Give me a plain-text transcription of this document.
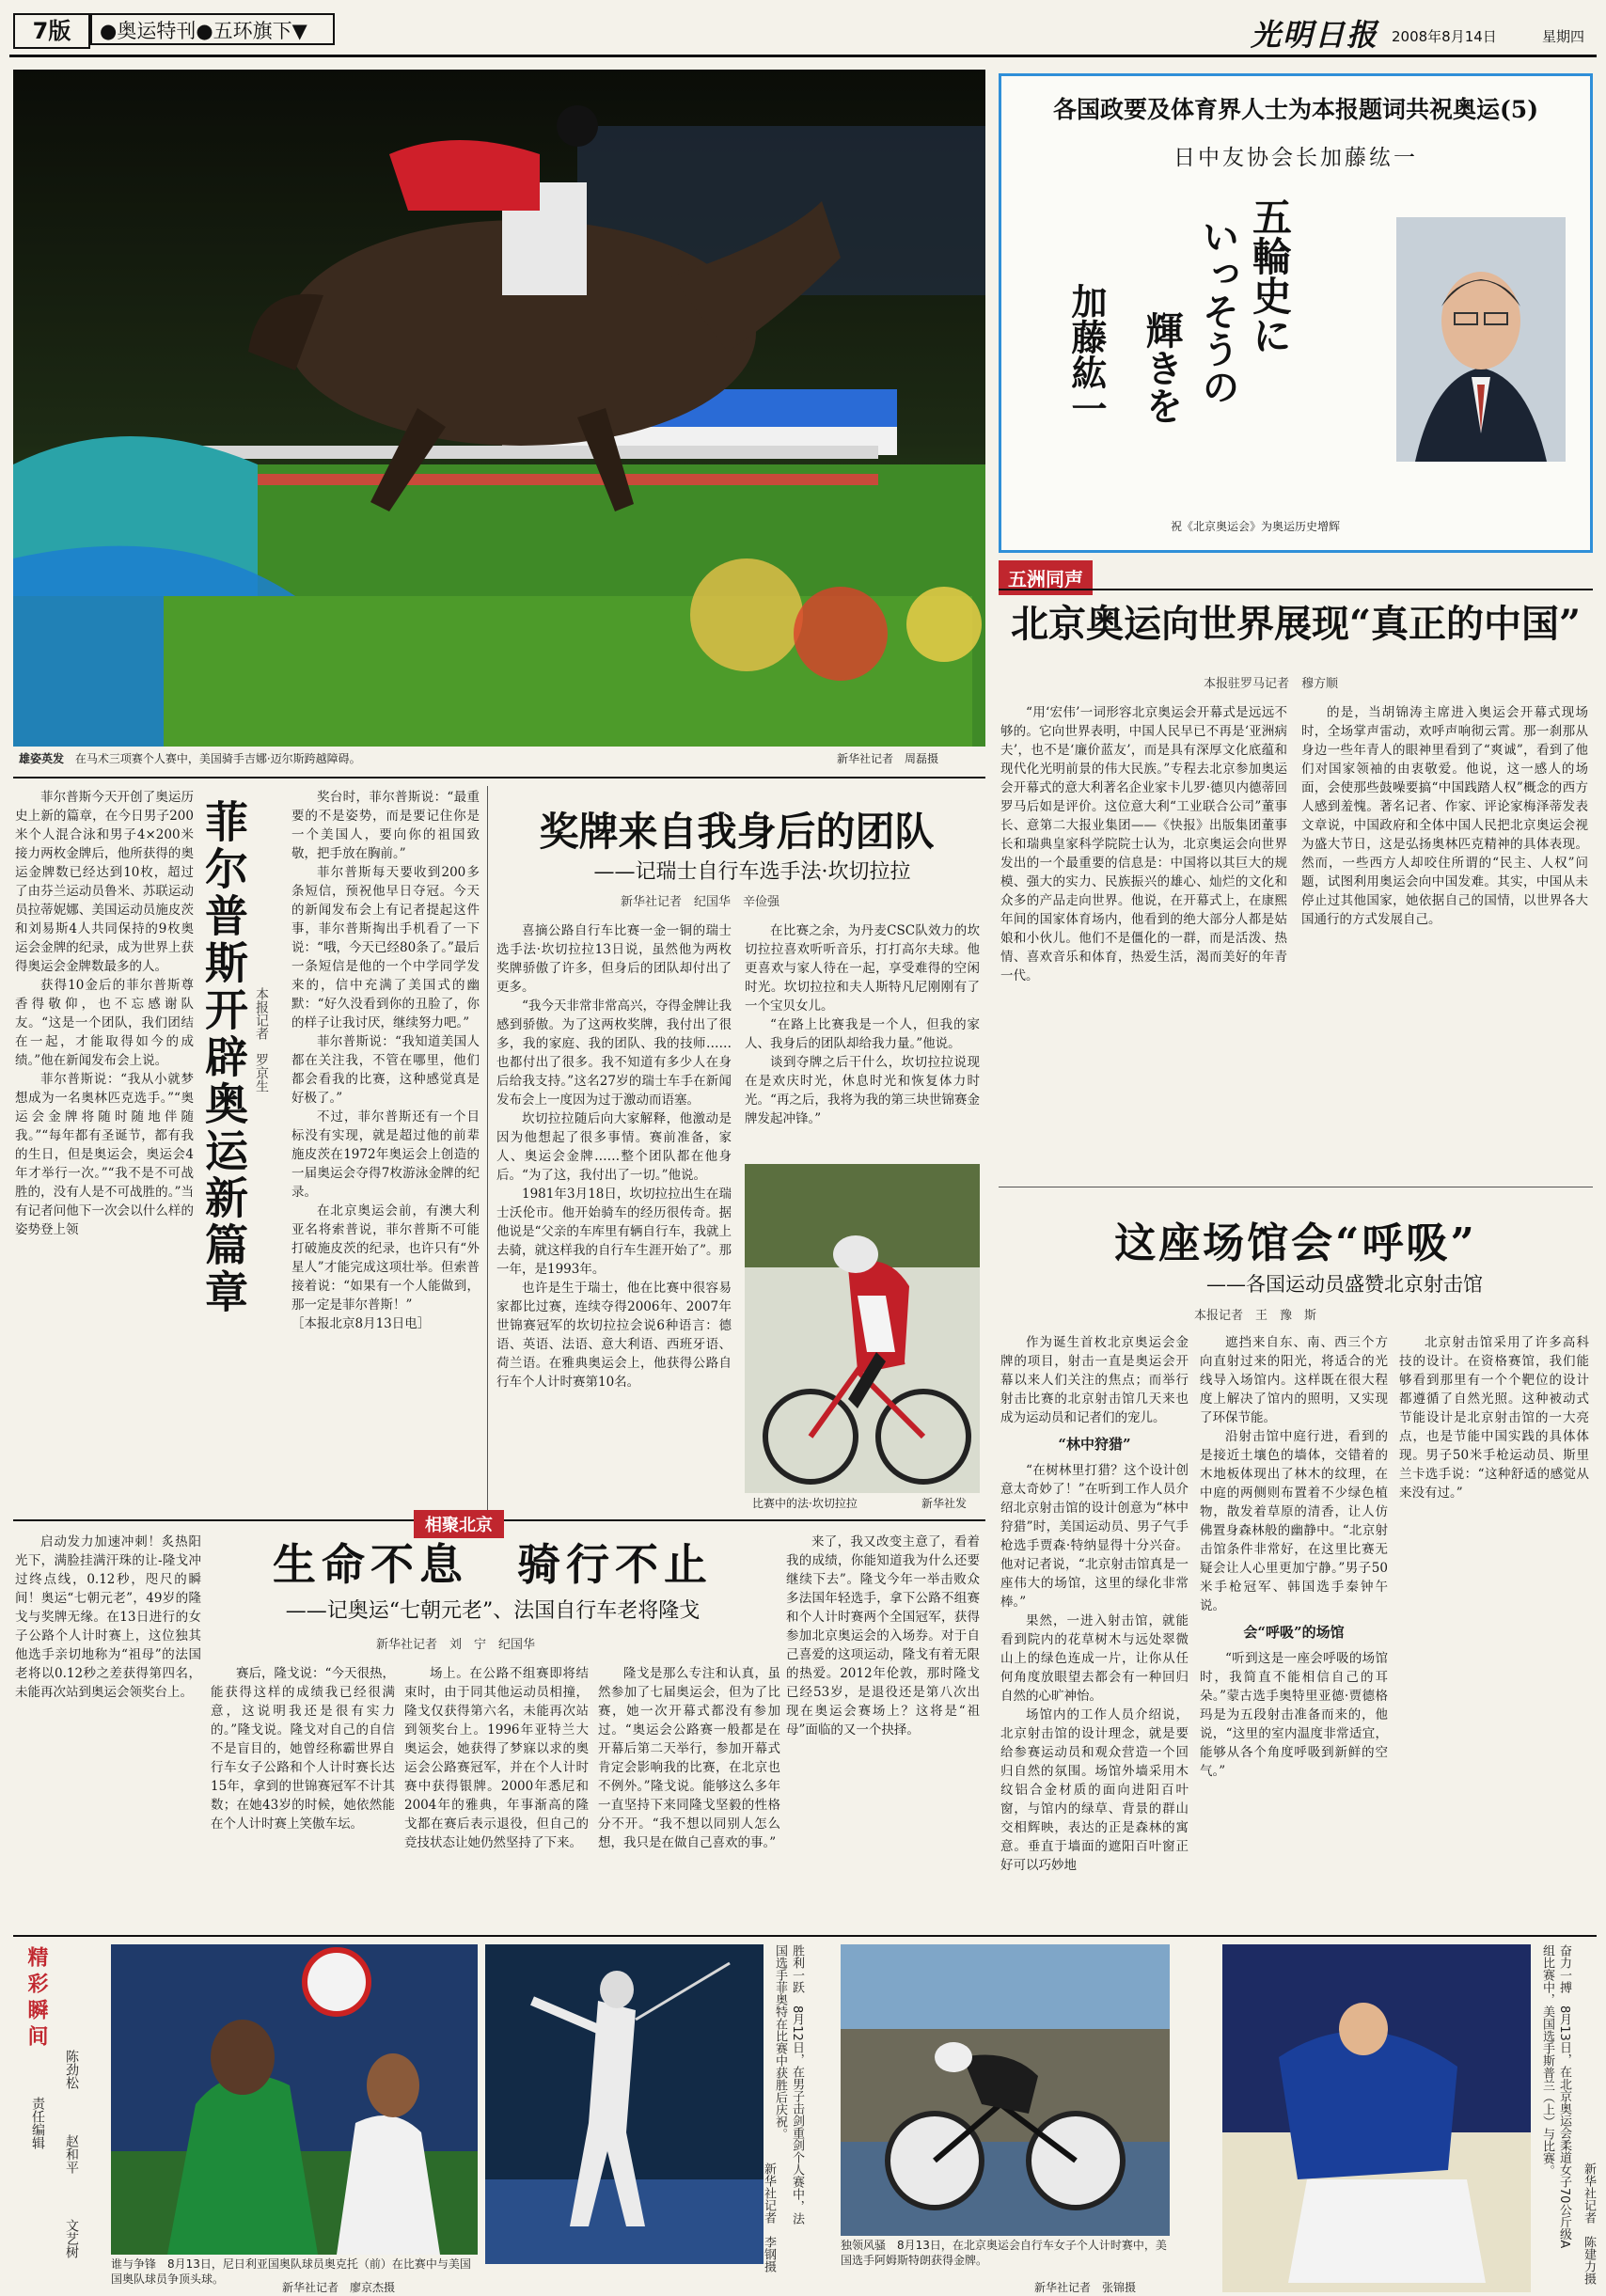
7版	●奥运特刊●五环旗下▼	光明日报 2008年8月14日	星期四
雄姿英发 在马术三项赛个人赛中，美国骑手吉娜·迈尔斯跨越障碍。	新华社记者　周磊摄
各国政要及体育界人士为本报题词共祝奥运(5)
日中友协会长加藤纮一
五輪史に
いっそうの
輝きを
加藤紘一
祝《北京奥运会》为奥运历史增辉
五洲同声
北京奥运向世界展现“真正的中国”
本报驻罗马记者　穆方顺

“用‘宏伟’一词形容北京奥运会开幕式是远远不够的。它向世界表明，中国人民早已不再是‘亚洲病夫’，也不是‘廉价蓝友’，而是具有深厚文化底蕴和现代化光明前景的伟大民族。”专程去北京参加奥运会开幕式的意大利著名企业家卡儿罗·德贝内德蒂回罗马后如是评价。这位意大利“工业联合公司”董事长、意第二大报业集团——《快报》出版集团董事长和瑞典皇家科学院院士认为，北京奥运会向世界发出的一个最重要的信息是：中国将以其巨大的规模、强大的实力、民族振兴的雄心、灿烂的文化和众多的产品走向世界。他说，在开幕式上，在康熙年间的国家体育场内，他看到的绝大部分人都是姑娘和小伙儿。他们不是僵化的一群，而是活泼、热情、喜欢音乐和体育，热爱生活，渴而美好的年青一代。

的是，当胡锦涛主席进入奥运会开幕式现场时，全场掌声雷动，欢呼声响彻云霄。那一刹那从身边一些年青人的眼神里看到了“爽诚”，看到了他们对国家领袖的由衷敬爱。他说，这一感人的场面，会使那些鼓噪要搞“中国践踏人权”概念的西方人感到羞愧。著名记者、作家、评论家梅泽蒂发表文章说，中国政府和全体中国人民把北京奥运会视为盛大节日，这是弘扬奥林匹克精神的具体表现。然而，一些西方人却咬住所谓的“民主、人权”问题，试图利用奥运会向中国发难。其实，中国从未停止过其他国家，她依据自己的国情，以世界各大国通行的方式发展自己。

菲尔普斯今天开创了奥运历史上新的篇章，在今日男子200米个人混合泳和男子4×200米接力两枚金牌后，他所获得的奥运金牌数已经达到10枚，超过了由芬兰运动员鲁米、苏联运动员拉蒂妮娜、美国运动员施皮茨和刘易斯4人共同保持的9枚奥运会金牌的纪录，成为世界上获得奥运会金牌数最多的人。

获得10金后的菲尔普斯尊香得敬仰，也不忘感谢队友。“这是一个团队，我们团结在一起，才能取得如今的成绩。”他在新闻发布会上说。

菲尔普斯说：“我从小就梦想成为一名奥林匹克选手。”“奥运会金牌将随时随地伴随我。”“每年都有圣诞节，都有我的生日，但是奥运会，奥运会4年才举行一次。”“我不是不可战胜的，没有人是不可战胜的。”当有记者问他下一次会以什么样的姿势登上领	菲尔普斯开辟奥运新篇章 本报记者　罗京生

奖台时，菲尔普斯说：“最重要的不是姿势，而是要记住你是一个美国人，要向你的祖国致敬，把手放在胸前。”

菲尔普斯每天要收到200多条短信，预祝他早日夺冠。今天的新闻发布会上有记者提起这件事，菲尔普斯掏出手机看了一下说：“哦，今天已经80条了。”最后一条短信是他的一个中学同学发来的，信中充满了美国式的幽默：“好久没看到你的丑脸了，你的样子让我讨厌，继续努力吧。”

菲尔普斯说：“我知道美国人都在关注我，不管在哪里，他们都会看我的比赛，这种感觉真是好极了。”

不过，菲尔普斯还有一个目标没有实现，就是超过他的前辈施皮茨在1972年奥运会上创造的一届奥运会夺得7枚游泳金牌的纪录。

在北京奥运会前，有澳大利亚名将索普说，菲尔普斯不可能打破施皮茨的纪录，也许只有“外星人”才能完成这项壮举。但索普接着说：“如果有一个人能做到，那一定是菲尔普斯！”

［本报北京8月13日电］

奖牌来自我身后的团队
——记瑞士自行车选手法·坎切拉拉
新华社记者　纪国华　辛俭强

喜摘公路自行车比赛一金一铜的瑞士选手法·坎切拉拉13日说，虽然他为两枚奖牌骄傲了许多，但身后的团队却付出了更多。

“我今天非常非常高兴，夺得金牌让我感到骄傲。为了这两枚奖牌，我付出了很多，我的家庭、我的团队、我的技师……也都付出了很多。我不知道有多少人在身后给我支持。”这名27岁的瑞士车手在新闻发布会上一度因为过于激动而语塞。

坎切拉拉随后向大家解释，他激动是因为他想起了很多事情。赛前准备，家人、奥运会金牌……整个团队都在他身后。“为了这，我付出了一切。”他说。

1981年3月18日，坎切拉拉出生在瑞士沃伦市。他开始骑车的经历很传奇。据他说是“父亲的车库里有辆自行车，我就上去骑，就这样我的自行车生涯开始了”。那一年，是1993年。

也许是生于瑞士，他在比赛中很容易家都比过赛，连续夺得2006年、2007年世锦赛冠军的坎切拉拉会说6种语言：德语、英语、法语、意大利语、西班牙语、荷兰语。在雅典奥运会上，他获得公路自行车个人计时赛第10名。

在比赛之余，为丹麦CSC队效力的坎切拉拉喜欢听听音乐，打打高尔夫球。他更喜欢与家人待在一起，享受难得的空闲时光。坎切拉拉和夫人斯特凡尼刚刚有了一个宝贝女儿。

“在路上比赛我是一个人，但我的家人、我身后的团队却给我力量。”他说。

谈到夺牌之后干什么，坎切拉拉说现在是欢庆时光，休息时光和恢复体力时光。“再之后，我将为我的第三块世锦赛金牌发起冲锋。”

比赛中的法·坎切拉拉	新华社发
相聚北京

启动发力加速冲刺！炙热阳光下，满脸挂满汗珠的让-隆戈冲过终点线，0.12秒，咫尺的瞬间！奥运“七朝元老”，49岁的隆戈与奖牌无缘。在13日进行的女子公路个人计时赛上，这位独其他选手亲切地称为“祖母”的法国老将以0.12秒之差获得第四名，未能再次站到奥运会领奖台上。

生命不息　骑行不止
——记奥运“七朝元老”、法国自行车老将隆戈
新华社记者　刘　宁　纪国华

来了，我又改变主意了，看着我的成绩，你能知道我为什么还要继续下去”。隆戈今年一举击败众多法国年轻选手，拿下公路不组赛和个人计时赛两个全国冠军，获得参加北京奥运会的入场券。对于自己喜爱的这项运动，隆戈有着无限的热爱。2012年伦敦，那时隆戈已经53岁，是退役还是第八次出现在奥运会赛场上？这将是“祖母”面临的又一个抉择。

赛后，隆戈说：“今天很热，能获得这样的成绩我已经很满意，这说明我还是很有实力的。”隆戈说。隆戈对自己的自信不是盲目的，她曾经称霸世界自行车女子公路和个人计时赛长达15年，拿到的世锦赛冠军不计其数；在她43岁的时候，她依然能在个人计时赛上笑傲车坛。

场上。在公路不组赛即将结束时，由于同其他运动员相撞，隆戈仅获得第六名，未能再次站到领奖台上。1996年亚特兰大奥运会，她获得了梦寐以求的奥运会公路赛冠军，并在个人计时赛中获得银牌。2000年悉尼和2004年的雅典，年事渐高的隆戈都在赛后表示退役，但自己的竞技状态让她仍然坚持了下来。

隆戈是那么专注和认真，虽然参加了七届奥运会，但为了比赛，她一次开幕式都没有参加过。“奥运会公路赛一般都是在开幕后第二天举行，参加开幕式肯定会影响我的比赛，在北京也不例外。”隆戈说。能够这么多年一直坚持下来同隆戈坚毅的性格分不开。“我不想以同别人怎么想，我只是在做自己喜欢的事。”

这座场馆会“呼吸”
——各国运动员盛赞北京射击馆
本报记者　王　豫　斯

作为诞生首枚北京奥运会金牌的项目，射击一直是奥运会开幕以来人们关注的焦点；而举行射击比赛的北京射击馆几天来也成为运动员和记者们的宠儿。

“林中狩猎”

“在树林里打猎？这个设计创意太奇妙了！”在听到工作人员介绍北京射击馆的设计创意为“林中狩猎”时，美国运动员、男子气手枪选手贾森·特纳显得十分兴奋。他对记者说，“北京射击馆真是一座伟大的场馆，这里的绿化非常棒。”

果然，一进入射击馆，就能看到院内的花草树木与远处翠微山上的绿色连成一片，让你从任何角度放眼望去都会有一种回归自然的心旷神怡。

场馆内的工作人员介绍说，北京射击馆的设计理念，就是要给参赛运动员和观众营造一个回归自然的氛围。场馆外墙采用木纹铝合金材质的面向进阳百叶窗，与馆内的绿草、背景的群山交相辉映，表达的正是森林的寓意。垂直于墙面的遮阳百叶窗正好可以巧妙地

遮挡来自东、南、西三个方向直射过来的阳光，将适合的光线导入场馆内。这样既在很大程度上解决了馆内的照明，又实现了环保节能。

沿射击馆中庭行进，看到的是接近土壤色的墙体，交错着的木地板体现出了林木的纹理，在中庭的两侧则布置着不少绿色植物，散发着草原的清香，让人仿佛置身森林般的幽静中。“北京射击馆条件非常好，在这里比赛无疑会让人心里更加宁静。”男子50米手枪冠军、韩国选手秦钟午说。

会“呼吸”的场馆

“听到这是一座会呼吸的场馆时，我简直不能相信自己的耳朵。”蒙古选手奥特里亚德·贾德格玛是为五段射击准备而来的，他说，“这里的室内温度非常适宜，能够从各个角度呼吸到新鲜的空气。”

北京射击馆采用了许多高科技的设计。在资格赛馆，我们能够看到那里有一个个靶位的设计都遵循了自然光照。这种被动式节能设计是北京射击馆的一大亮点，也是节能中国实践的具体体现。男子50米手枪运动员、斯里兰卡选手说：“这种舒适的感觉从来没有过。”

精彩瞬间
责任编辑
陈劲松
赵和平
文艺树
谁与争锋　8月13日，尼日利亚国奥队球员奥克托（前）在比赛中与美国国奥队球员争顶头球。
新华社记者　廖京杰摄
胜利一跃　8月12日，在男子击剑重剑个人赛中，法国选手菲奥特在比赛中获胜后庆祝。
新华社记者　李钢摄	独领风骚　8月13日，在北京奥运会自行车女子个人计时赛中，美国选手阿姆斯特朗获得金牌。
新华社记者　张锦摄
奋力一搏　8月13日，在北京奥运会柔道女子70公斤级A组比赛中，美国选手斯普兰（上）与比赛。
新华社记者　陈建力摄
